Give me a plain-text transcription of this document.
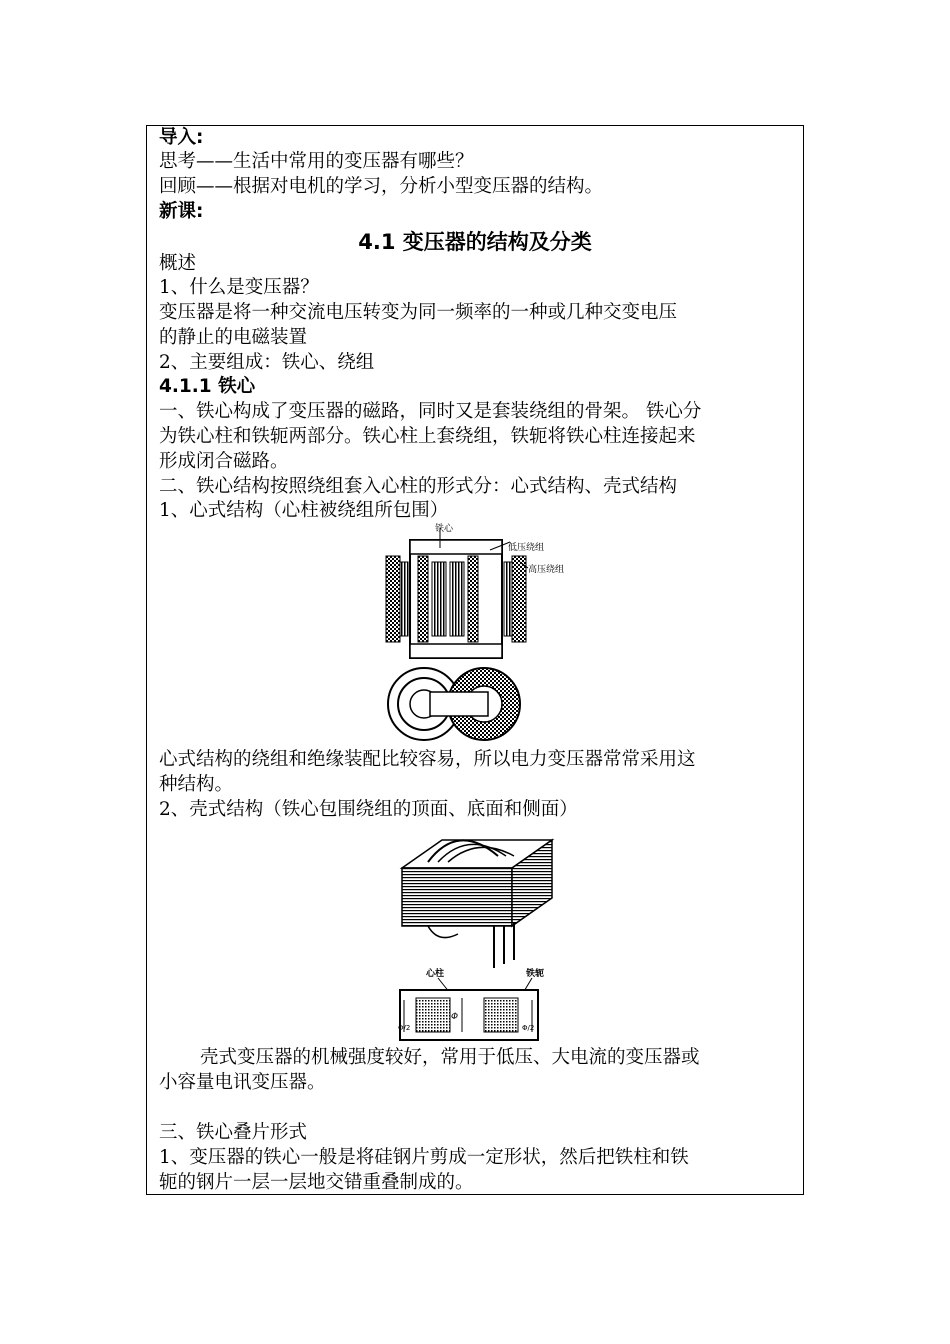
导入:
思考——生活中常用的变压器有哪些？
回顾——根据对电机的学习，分析小型变压器的结构。
新课:
4.1 变压器的结构及分类
概述
1、什么是变压器？
变压器是将一种交流电压转变为同一频率的一种或几种交变电压
的静止的电磁装置
2、主要组成：铁心、绕组
4.1.1 铁心
一、铁心构成了变压器的磁路，同时又是套装绕组的骨架。 铁心分
为铁心柱和铁轭两部分。铁心柱上套绕组，铁轭将铁心柱连接起来
形成闭合磁路。
二、铁心结构按照绕组套入心柱的形式分：心式结构、壳式结构
1、心式结构（心柱被绕组所包围）
铁心
低压绕组
高压绕组
心式结构的绕组和绝缘装配比较容易，所以电力变压器常常采用这
种结构。
2、壳式结构（铁心包围绕组的顶面、底面和侧面）
心柱	铁轭
Φ
Φ/2	Φ/2
壳式变压器的机械强度较好，常用于低压、大电流的变压器或
小容量电讯变压器。
三、铁心叠片形式
1、变压器的铁心一般是将硅钢片剪成一定形状，然后把铁柱和铁
轭的钢片一层一层地交错重叠制成的。
